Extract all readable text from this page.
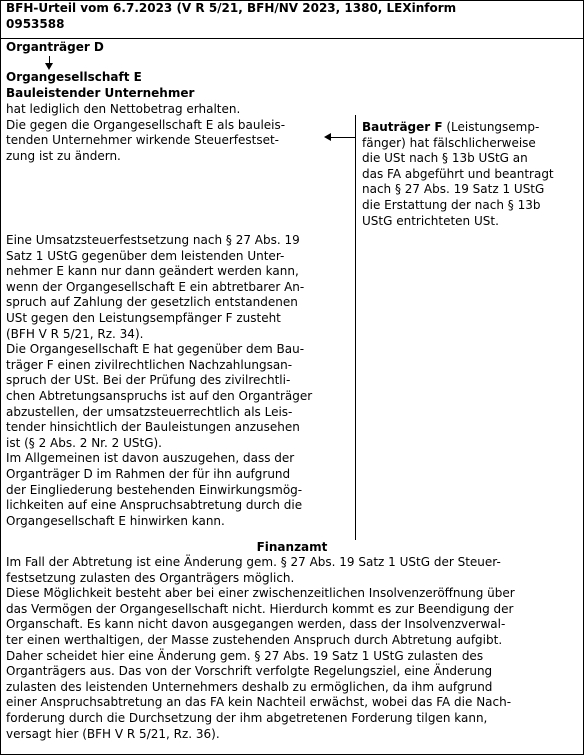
BFH-Urteil vom 6.7.2023 (V R 5/21, BFH/NV 2023, 1380, LEXinform
0953588
Organträger D
Organgesellschaft E
Bauleistender Unternehmer
hat lediglich den Nettobetrag erhalten.
Die gegen die Organgesellschaft E als bauleis-
tenden Unternehmer wirkende Steuerfestset-
zung ist zu ändern.
Bauträger F (Leistungsemp-
fänger) hat fälschlicherweise
die USt nach § 13b UStG an
das FA abgeführt und beantragt
nach § 27 Abs. 19 Satz 1 UStG
die Erstattung der nach § 13b
UStG entrichteten USt.
Eine Umsatzsteuerfestsetzung nach § 27 Abs. 19
Satz 1 UStG gegenüber dem leistenden Unter-
nehmer E kann nur dann geändert werden kann,
wenn der Organgesellschaft E ein abtretbarer An-
spruch auf Zahlung der gesetzlich entstandenen
USt gegen den Leistungsempfänger F zusteht
(BFH V R 5/21, Rz. 34).
Die Organgesellschaft E hat gegenüber dem Bau-
träger F einen zivilrechtlichen Nachzahlungsan-
spruch der USt. Bei der Prüfung des zivilrechtli-
chen Abtretungsanspruchs ist auf den Organträger
abzustellen, der umsatzsteuerrechtlich als Leis-
tender hinsichtlich der Bauleistungen anzusehen
ist (§ 2 Abs. 2 Nr. 2 UStG).
Im Allgemeinen ist davon auszugehen, dass der
Organträger D im Rahmen der für ihn aufgrund
der Eingliederung bestehenden Einwirkungsmög-
lichkeiten auf eine Anspruchsabtretung durch die
Organgesellschaft E hinwirken kann.
Finanzamt
Im Fall der Abtretung ist eine Änderung gem. § 27 Abs. 19 Satz 1 UStG der Steuer-
festsetzung zulasten des Organträgers möglich.
Diese Möglichkeit besteht aber bei einer zwischenzeitlichen Insolvenzeröffnung über
das Vermögen der Organgesellschaft nicht. Hierdurch kommt es zur Beendigung der
Organschaft. Es kann nicht davon ausgegangen werden, dass der Insolvenzverwal-
ter einen werthaltigen, der Masse zustehenden Anspruch durch Abtretung aufgibt.
Daher scheidet hier eine Änderung gem. § 27 Abs. 19 Satz 1 UStG zulasten des
Organträgers aus. Das von der Vorschrift verfolgte Regelungsziel, eine Änderung
zulasten des leistenden Unternehmers deshalb zu ermöglichen, da ihm aufgrund
einer Anspruchsabtretung an das FA kein Nachteil erwächst, wobei das FA die Nach-
forderung durch die Durchsetzung der ihm abgetretenen Forderung tilgen kann,
versagt hier (BFH V R 5/21, Rz. 36).
